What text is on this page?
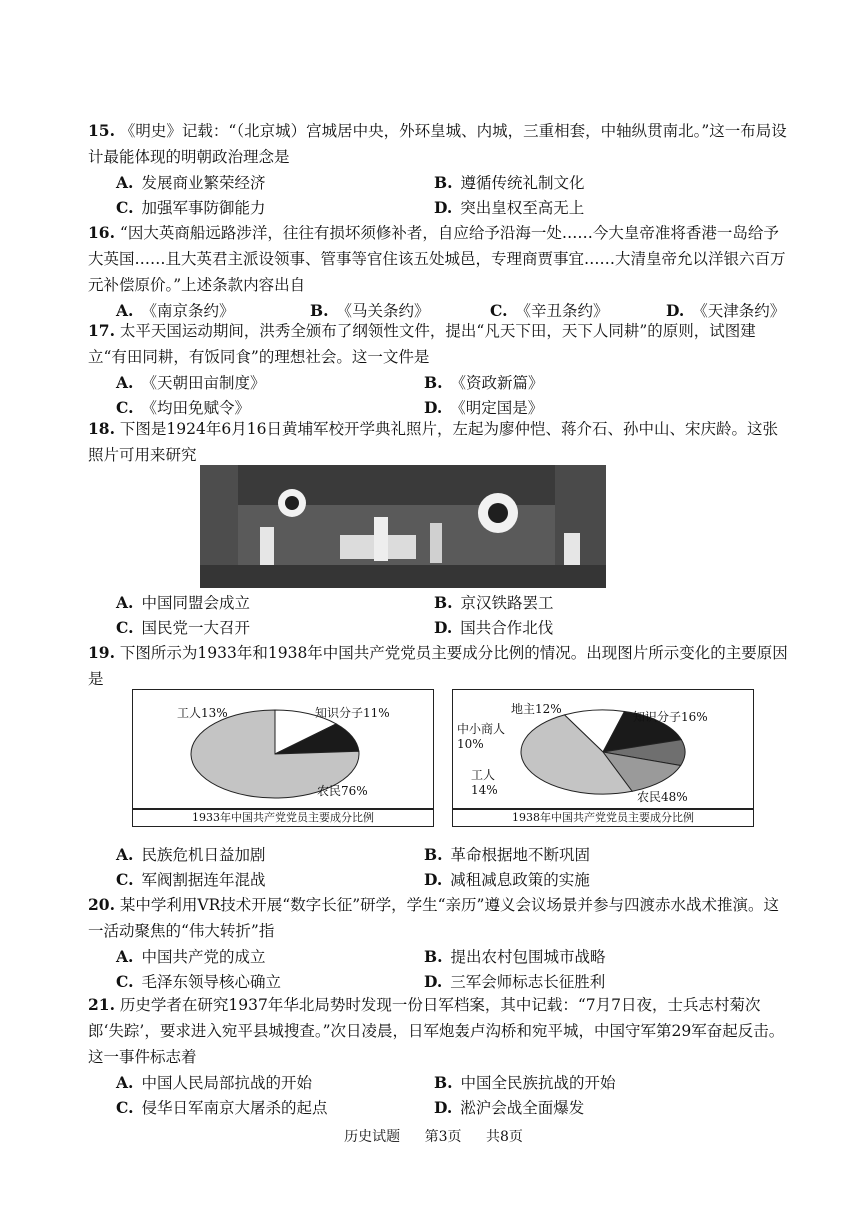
15. 《明史》记载：“（北京城）宫城居中央，外环皇城、内城，三重相套，中轴纵贯南北。”这一布局设计最能体现的明朝政治理念是
A. 发展商业繁荣经济	B. 遵循传统礼制文化
C. 加强军事防御能力	D. 突出皇权至高无上
16. “因大英商船远路涉洋，往往有损坏须修补者，自应给予沿海一处……今大皇帝准将香港一岛给予大英国……且大英君主派设领事、管事等官住该五处城邑，专理商贾事宜……大清皇帝允以洋银六百万元补偿原价。”上述条款内容出自
A. 《南京条约》	B. 《马关条约》	C. 《辛丑条约》	D. 《天津条约》
17. 太平天国运动期间，洪秀全颁布了纲领性文件，提出“凡天下田，天下人同耕”的原则，试图建立“有田同耕，有饭同食”的理想社会。这一文件是
A. 《天朝田亩制度》	B. 《资政新篇》
C. 《均田免赋令》	D. 《明定国是》
18. 下图是1924年6月16日黄埔军校开学典礼照片，左起为廖仲恺、蒋介石、孙中山、宋庆龄。这张照片可用来研究
A. 中国同盟会成立	B. 京汉铁路罢工
C. 国民党一大召开	D. 国共合作北伐
19. 下图所示为1933年和1938年中国共产党党员主要成分比例的情况。出现图片所示变化的主要原因是
工人13%	知识分子11%
农民76%
1933年中国共产党党员主要成分比例
地主12%
知识分子16%
中小商人10%
工人14%	农民48%
1938年中国共产党党员主要成分比例
A. 民族危机日益加剧	B. 革命根据地不断巩固
C. 军阀割据连年混战	D. 减租减息政策的实施
20. 某中学利用VR技术开展“数字长征”研学，学生“亲历”遵义会议场景并参与四渡赤水战术推演。这一活动聚焦的“伟大转折”指
A. 中国共产党的成立	B. 提出农村包围城市战略
C. 毛泽东领导核心确立	D. 三军会师标志长征胜利
21. 历史学者在研究1937年华北局势时发现一份日军档案，其中记载：“7月7日夜，士兵志村菊次郎‘失踪’，要求进入宛平县城搜查。”次日凌晨，日军炮轰卢沟桥和宛平城，中国守军第29军奋起反击。这一事件标志着
A. 中国人民局部抗战的开始	B. 中国全民族抗战的开始
C. 侵华日军南京大屠杀的起点	D. 淞沪会战全面爆发
历史试题 第3页 共8页
